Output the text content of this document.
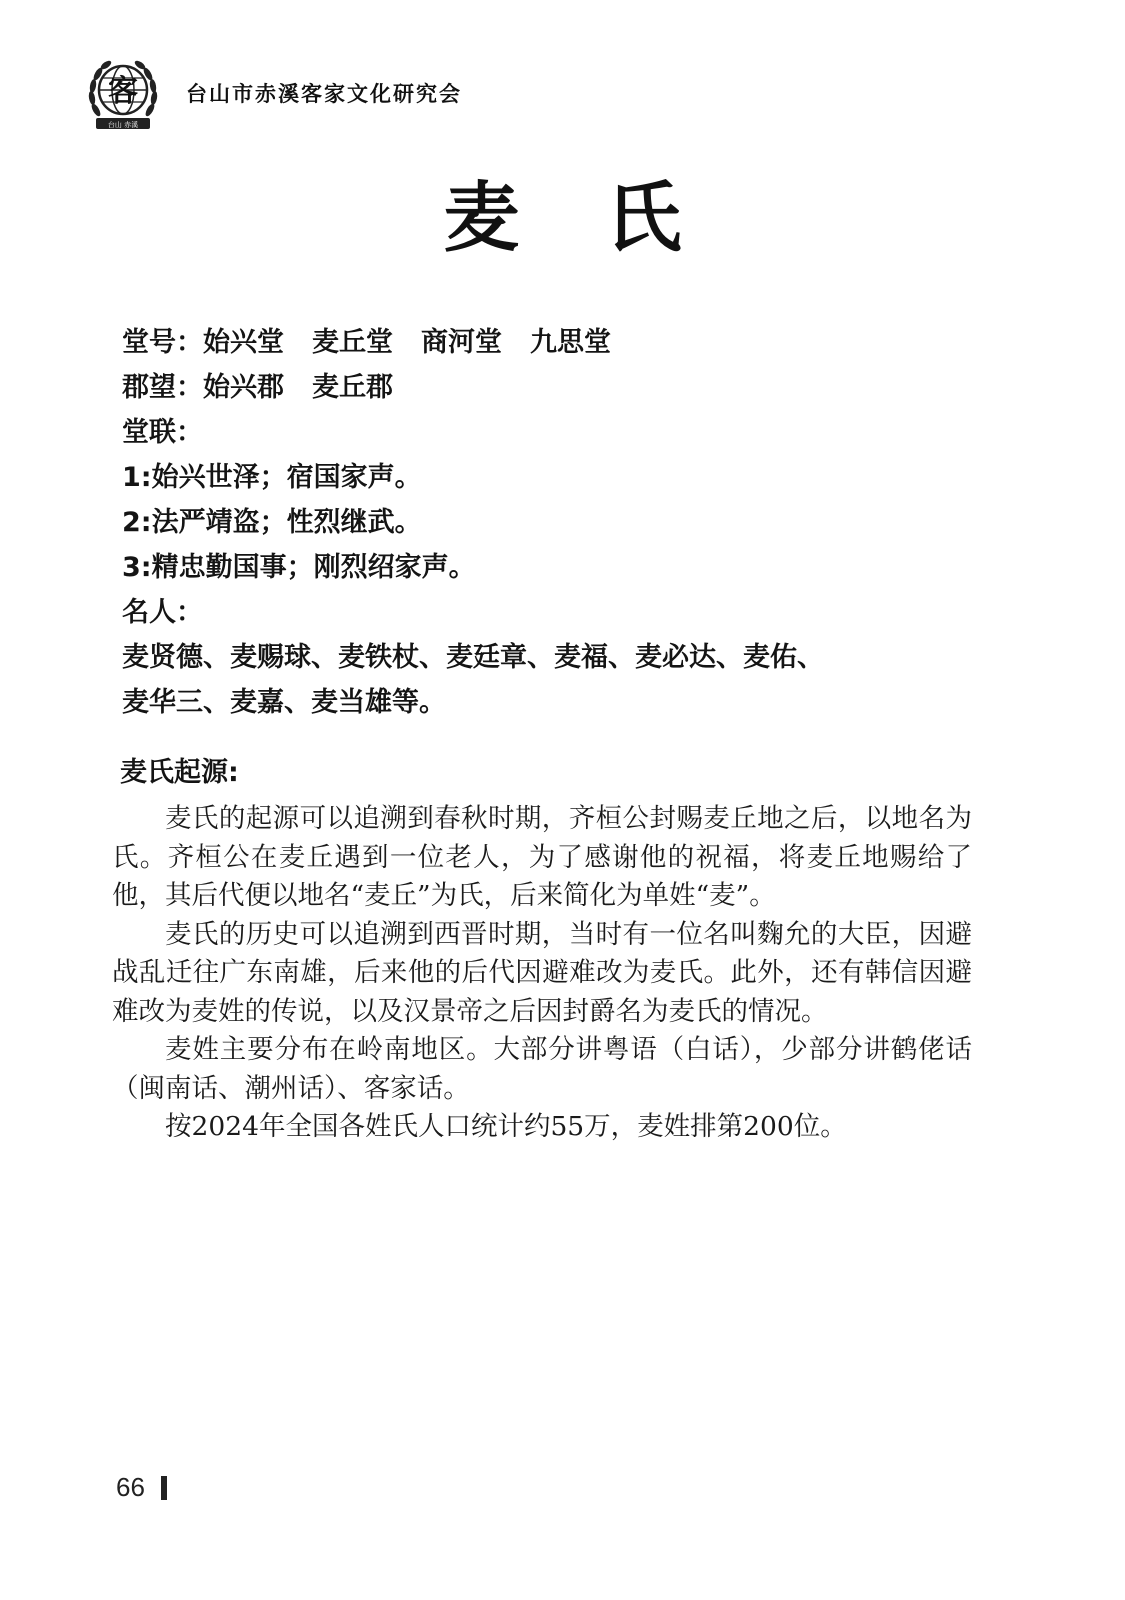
客
台山 赤溪
台山市赤溪客家文化研究会
麦氏
堂号：始兴堂 麦丘堂 商河堂 九思堂
郡望：始兴郡 麦丘郡
堂联：
1:始兴世泽；宿国家声。
2:法严靖盗；性烈继武。
3:精忠勤国事；刚烈绍家声。
名人：
麦贤德、麦赐球、麦铁杖、麦廷章、麦福、麦必达、麦佑、
麦华三、麦嘉、麦当雄等。
麦氏起源:

麦氏的起源可以追溯到春秋时期，齐桓公封赐麦丘地之后，以地名为氏。齐桓公在麦丘遇到一位老人，为了感谢他的祝福，将麦丘地赐给了他，其后代便以地名“麦丘”为氏，后来简化为单姓“麦”。

麦氏的历史可以追溯到西晋时期，当时有一位名叫麴允的大臣，因避战乱迁往广东南雄，后来他的后代因避难改为麦氏。此外，还有韩信因避难改为麦姓的传说，以及汉景帝之后因封爵名为麦氏的情况。

麦姓主要分布在岭南地区。大部分讲粤语（白话），少部分讲鹤佬话（闽南话、潮州话）、客家话。

按2024年全国各姓氏人口统计约55万，麦姓排第200位。

66
